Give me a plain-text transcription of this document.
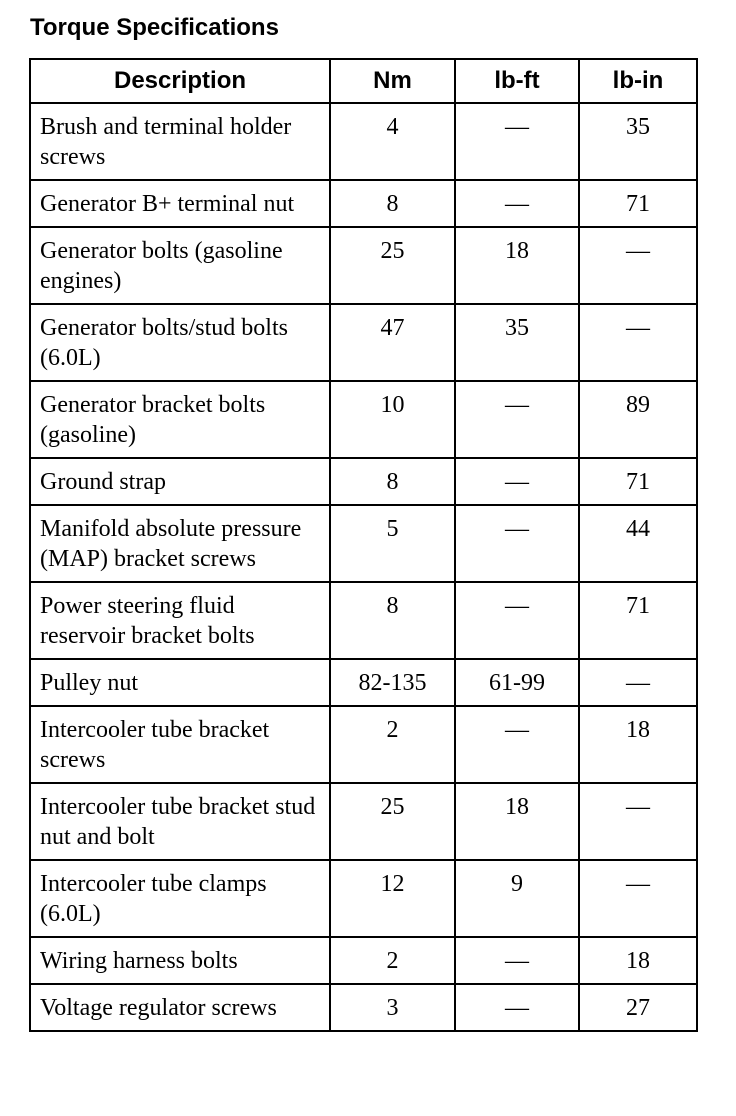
Torque Specifications
Description	Nm	lb-ft	lb-in
Brush and terminal holder screws	4	—	35
Generator B+ terminal nut	8	—	71
Generator bolts (gasoline engines)	25	18	—
Generator bolts/stud bolts (6.0L)	47	35	—
Generator bracket bolts (gasoline)	10	—	89
Ground strap	8	—	71
Manifold absolute pressure (MAP) bracket screws	5	—	44
Power steering fluid reservoir bracket bolts	8	—	71
Pulley nut	82-135	61-99	—
Intercooler tube bracket screws	2	—	18
Intercooler tube bracket stud nut and bolt	25	18	—
Intercooler tube clamps (6.0L)	12	9	—
Wiring harness bolts	2	—	18
Voltage regulator screws	3	—	27
